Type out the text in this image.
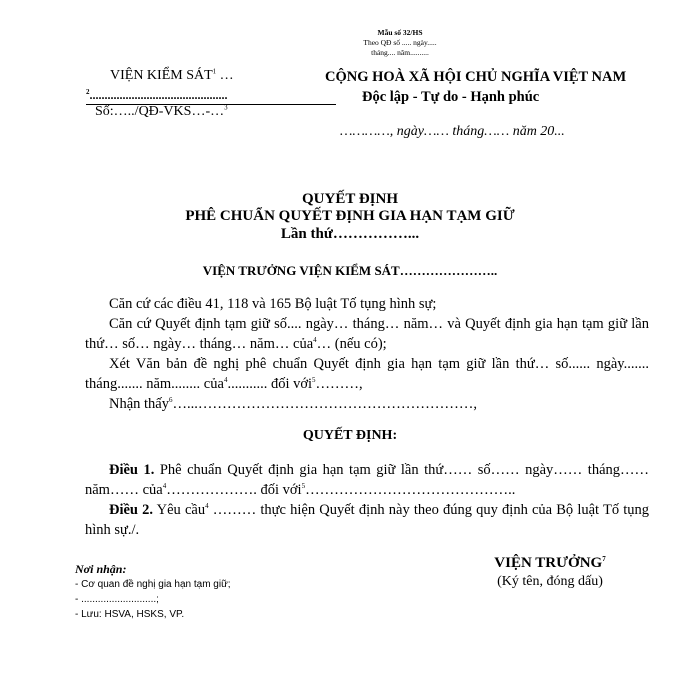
Mẫu số 32/HS
Theo QĐ số ..... ngày.....
tháng.... năm..........
VIỆN KIỂM SÁT$^1$ …
$^2$..............................................
Số:…../QĐ-VKS…-…$^3$
CỘNG HOÀ XÃ HỘI CHỦ NGHĨA VIỆT NAM
Độc lập - Tự do - Hạnh phúc
…………, ngày…… tháng…… năm 20...
QUYẾT ĐỊNH
PHÊ CHUẨN QUYẾT ĐỊNH GIA HẠN TẠM GIỮ
Lần thứ……………...
VIỆN TRƯỞNG VIỆN KIỂM SÁT…………………..
Căn cứ các điều 41, 118 và 165 Bộ luật Tố tụng hình sự;
Căn cứ Quyết định tạm giữ số.... ngày… tháng… năm… và Quyết định gia hạn tạm giữ lần thứ… số… ngày… tháng… năm… của$^4$… (nếu có);
Xét Văn bản đề nghị phê chuẩn Quyết định gia hạn tạm giữ lần thứ… số...... ngày....... tháng....... năm........ của$^4$........... đối với$^5$………,
Nhận thấy$^6$…...…………………………………………………,
QUYẾT ĐỊNH:
Điều 1. Phê chuẩn Quyết định gia hạn tạm giữ lần thứ…… số…… ngày…… tháng…… năm…… của$^4$………………. đối với$^5$……………………………………..
Điều 2. Yêu cầu$^4$ ……… thực hiện Quyết định này theo đúng quy định của Bộ luật Tố tụng hình sự./.
Nơi nhận:
- Cơ quan đề nghị gia hạn tạm giữ;
- ...........................;
- Lưu: HSVA, HSKS, VP.
VIỆN TRƯỞNG$^7$
(Ký tên, đóng dấu)
